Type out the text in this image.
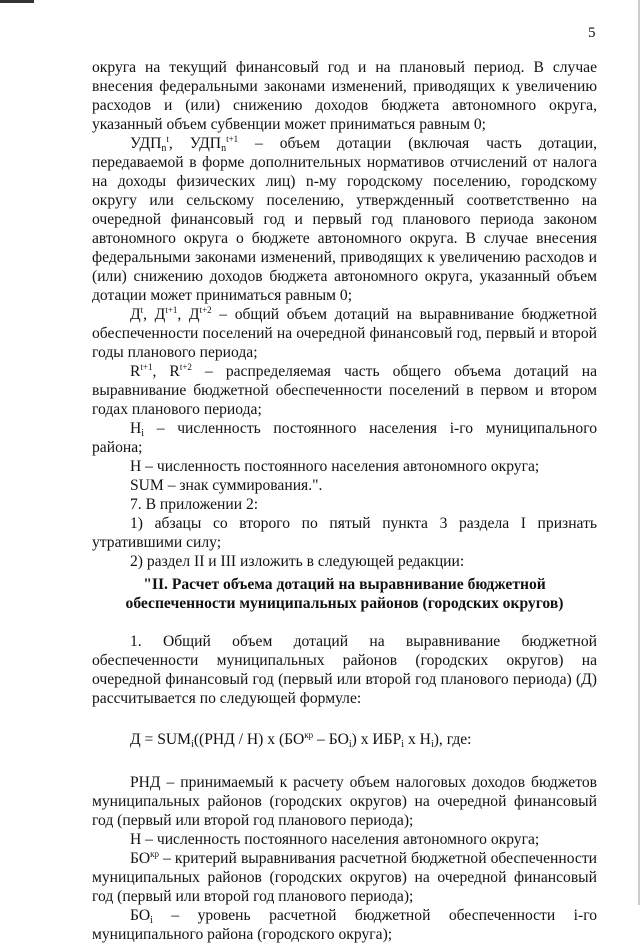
5

округа на текущий финансовый год и на плановый период. В случае внесения федеральными законами изменений, приводящих к увеличению расходов и (или) снижению доходов бюджета автономного округа, указанный объем субвенции может приниматься равным 0;

$УДП_n^t$, $УДП_n^{t+1}$ – объем дотации (включая часть дотации, передаваемой в форме дополнительных нормативов отчислений от налога на доходы физических лиц) n-му городскому поселению, городскому округу или сельскому поселению, утвержденный соответственно на очередной финансовый год и первый год планового периода законом автономного округа о бюджете автономного округа. В случае внесения федеральными законами изменений, приводящих к увеличению расходов и (или) снижению доходов бюджета автономного округа, указанный объем дотации может приниматься равным 0;

$Д^t$, $Д^{t+1}$, $Д^{t+2}$ – общий объем дотаций на выравнивание бюджетной обеспеченности поселений на очередной финансовый год, первый и второй годы планового периода;

$R^{t+1}$, $R^{t+2}$ – распределяемая часть общего объема дотаций на выравнивание бюджетной обеспеченности поселений в первом и втором годах планового периода;

$Н_i$ – численность постоянного населения i-го муниципального района;

Н – численность постоянного населения автономного округа;

SUM – знак суммирования.".

7. В приложении 2:

1) абзацы со второго по пятый пункта 3 раздела I признать утратившими силу;

2) раздел II и III изложить в следующей редакции:

"II. Расчет объема дотаций на выравнивание бюджетной обеспеченности муниципальных районов (городских округов)

1. Общий объем дотаций на выравнивание бюджетной обеспеченности муниципальных районов (городских округов) на очередной финансовый год (первый или второй год планового периода) (Д) рассчитывается по следующей формуле:

$Д = SUM_i((РНД / Н)$ x $(БО^{кр} - БО_i)$ x $ИБР_i$ x $Н_i$), где:

РНД – принимаемый к расчету объем налоговых доходов бюджетов муниципальных районов (городских округов) на очередной финансовый год (первый или второй год планового периода);

Н – численность постоянного населения автономного округа;

$БО^{кр}$ – критерий выравнивания расчетной бюджетной обеспеченности муниципальных районов (городских округов) на очередной финансовый год (первый или второй год планового периода);

$БО_i$ – уровень расчетной бюджетной обеспеченности i-го муниципального района (городского округа);
